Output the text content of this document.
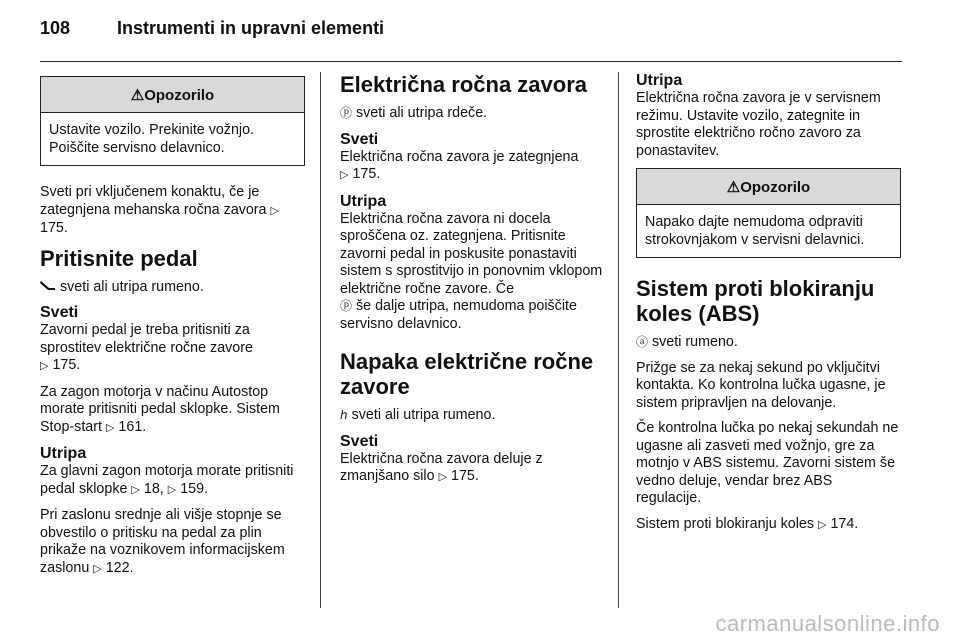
108	Instrumenti in upravni elementi
⚠Opozorilo
Ustavite vozilo. Prekinite vožnjo. Poiščite servisno delavnico.

Sveti pri vključenem konaktu, če je zategnjena mehanska ročna zavora ▷ 175.

Pritisnite pedal

sveti ali utripa rumeno.

Sveti

Zavorni pedal je treba pritisniti za sprostitev električne ročne zavore
▷ 175.

Za zagon motorja v načinu Autostop morate pritisniti pedal sklopke. Sistem Stop-start ▷ 161.

Utripa

Za glavni zagon motorja morate pritisniti pedal sklopke ▷ 18, ▷ 159.

Pri zaslonu srednje ali višje stopnje se obvestilo o pritisku na pedal za plin prikaže na voznikovem informacijskem zaslonu ▷ 122.

Električna ročna zavora

ⓟ sveti ali utripa rdeče.

Sveti

Električna ročna zavora je zategnjena
▷ 175.

Utripa

Električna ročna zavora ni docela sproščena oz. zategnjena. Pritisnite zavorni pedal in poskusite ponastaviti sistem s sprostitvijo in ponovnim vklopom električne ročne zavore. Če
ⓟ še dalje utripa, nemudoma poiščite servisno delavnico.

Napaka električne ročne zavore

ℎ sveti ali utripa rumeno.

Sveti

Električna ročna zavora deluje z zmanjšano silo ▷ 175.

Utripa

Električna ročna zavora je v servisnem režimu. Ustavite vozilo, zategnite in sprostite električno ročno zavoro za ponastavitev.

⚠Opozorilo
Napako dajte nemudoma odpraviti strokovnjakom v servisni delavnici.
Sistem proti blokiranju koles (ABS)

ⓐ sveti rumeno.

Prižge se za nekaj sekund po vključitvi kontakta. Ko kontrolna lučka ugasne, je sistem pripravljen na delovanje.

Če kontrolna lučka po nekaj sekundah ne ugasne ali zasveti med vožnjo, gre za motnjo v ABS sistemu. Zavorni sistem še vedno deluje, vendar brez ABS regulacije.

Sistem proti blokiranju koles ▷ 174.

carmanualsonline.info
